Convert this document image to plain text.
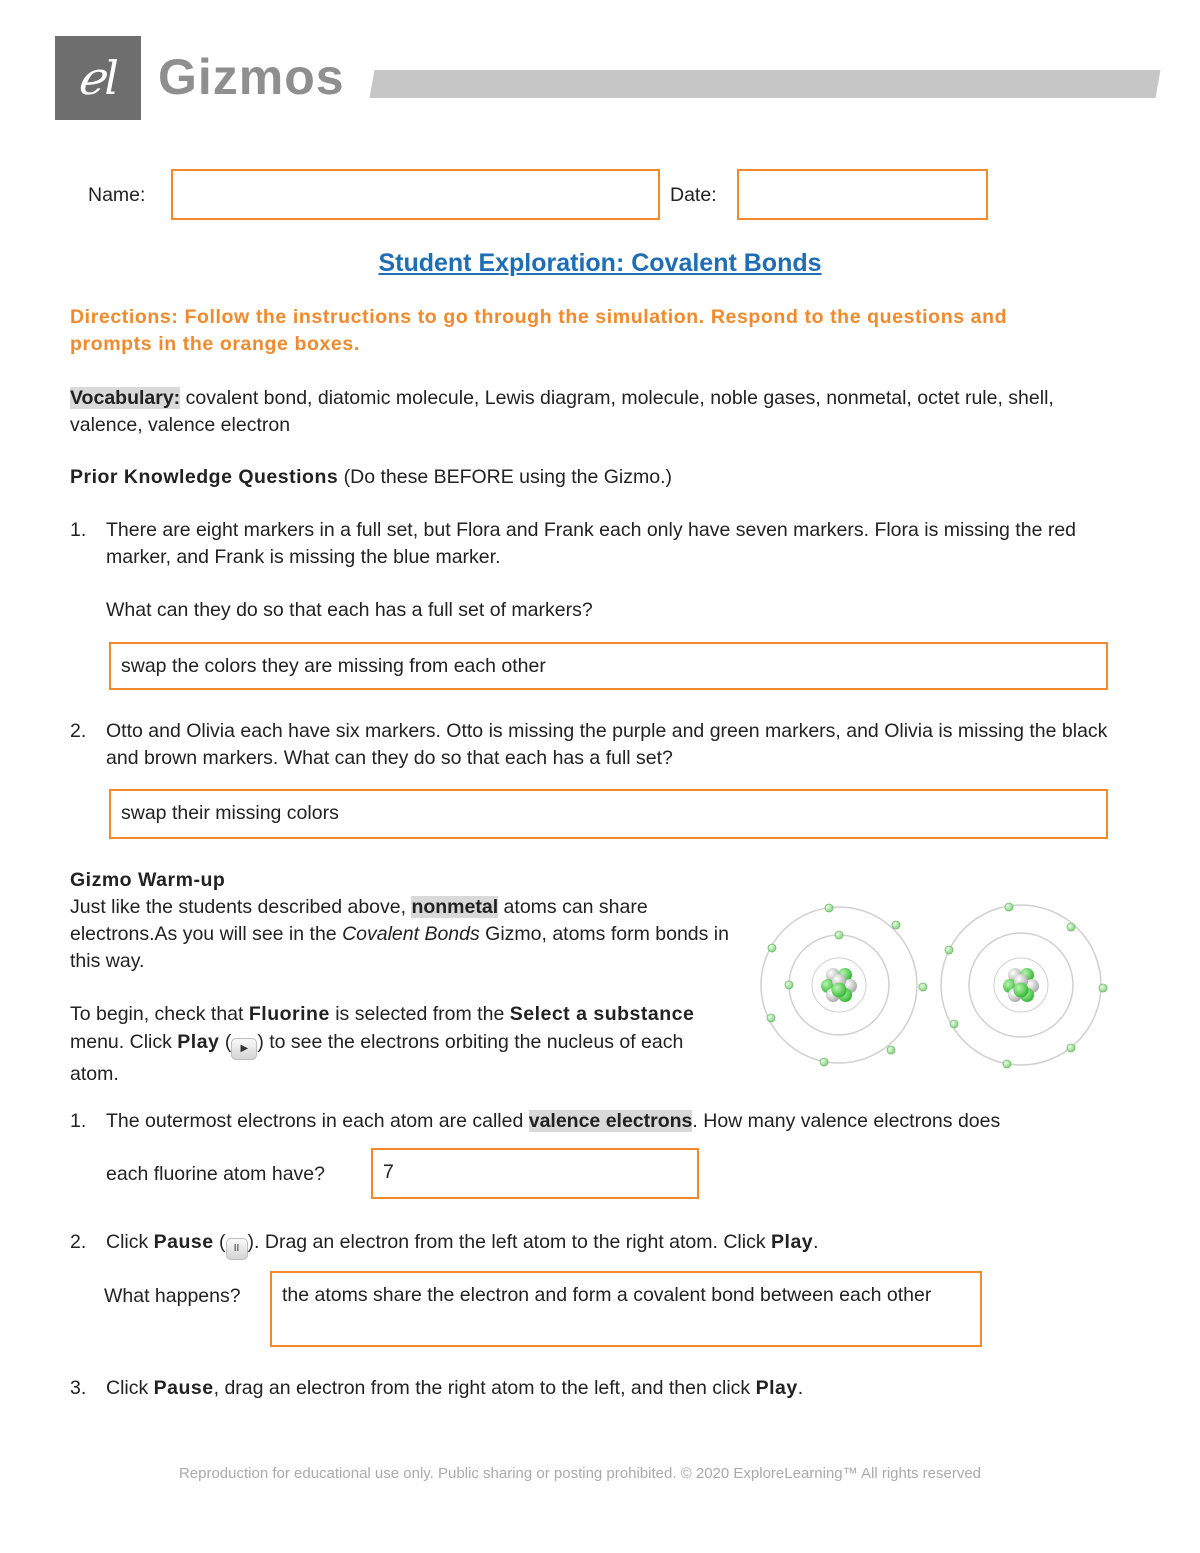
ℯl Gizmos
Name:	Date:
Student Exploration: Covalent Bonds
Directions: Follow the instructions to go through the simulation. Respond to the questions and prompts in the orange boxes.
Vocabulary: covalent bond, diatomic molecule, Lewis diagram, molecule, noble gases, nonmetal, octet rule, shell, valence, valence electron
Prior Knowledge Questions (Do these BEFORE using the Gizmo.)
1. There are eight markers in a full set, but Flora and Frank each only have seven markers. Flora is missing the red marker, and Frank is missing the blue marker.
What can they do so that each has a full set of markers?
swap the colors they are missing from each other
2. Otto and Olivia each have six markers. Otto is missing the purple and green markers, and Olivia is missing the black and brown markers. What can they do so that each has a full set?
swap their missing colors
Gizmo Warm-up
Just like the students described above, nonmetal atoms can share electrons.As you will see in the Covalent Bonds Gizmo, atoms form bonds in this way.
To begin, check that Fluorine is selected from the Select a substance menu. Click Play ( ▶ ) to see the electrons orbiting the nucleus of each atom.
1. The outermost electrons in each atom are called valence electrons. How many valence electrons does
each fluorine atom have?	7
2. Click Pause ( II ). Drag an electron from the left atom to the right atom. Click Play.
What happens?	the atoms share the electron and form a covalent bond between each other
3. Click Pause, drag an electron from the right atom to the left, and then click Play.
Reproduction for educational use only. Public sharing or posting prohibited. © 2020 ExploreLearning™ All rights reserved
